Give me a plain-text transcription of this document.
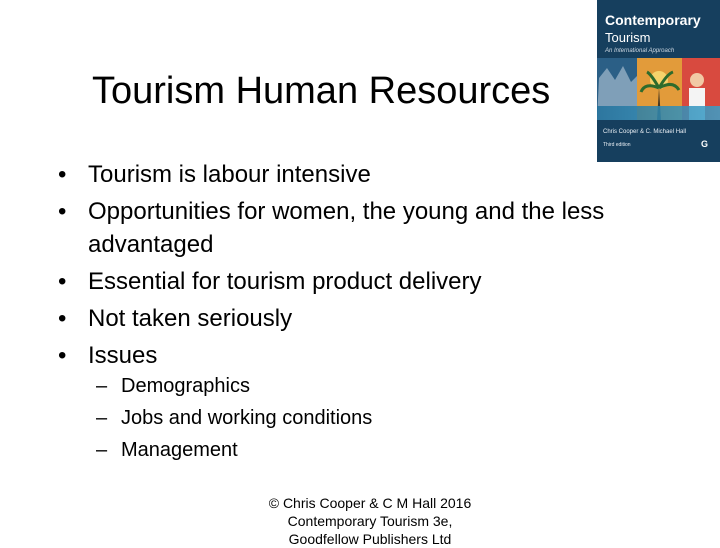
Tourism Human Resources
• Tourism is labour intensive
• Opportunities for women, the young and the less advantaged
• Essential for tourism product delivery
• Not taken seriously
• Issues
– Demographics
– Jobs and working conditions
– Management
© Chris Cooper & C M Hall 2016
Contemporary Tourism 3e,
Goodfellow Publishers Ltd
Contemporary
Tourism
An International Approach
Chris Cooper & C. Michael Hall
Third edition	G
